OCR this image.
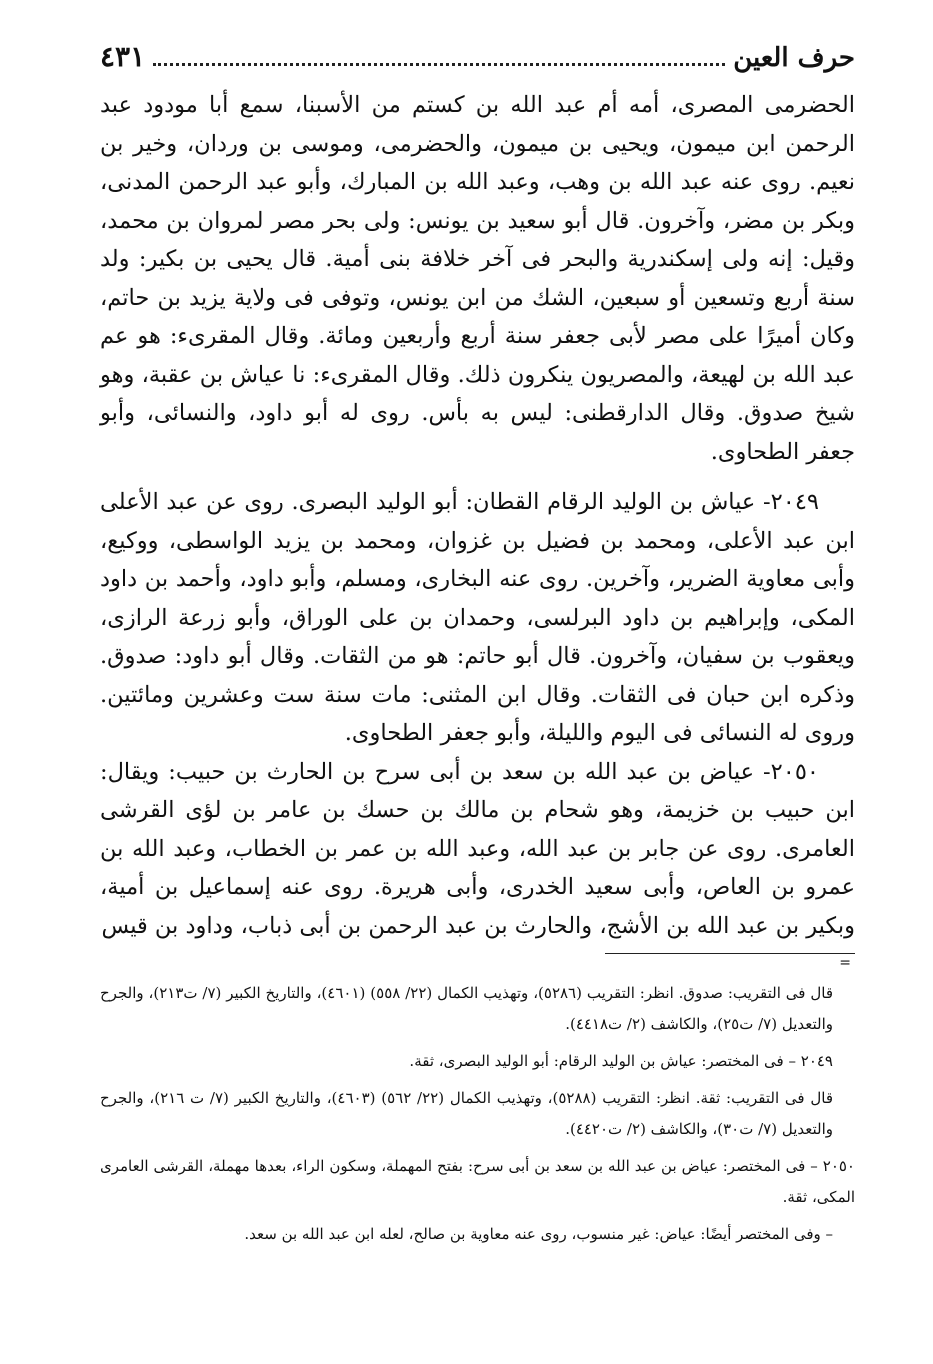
حرف العين
٤٣١

الحضرمى المصرى، أمه أم عبد الله بن كستم من الأسبنا، سمع أبا مودود عبد الرحمن ابن ميمون، ويحيى بن ميمون، والحضرمى، وموسى بن وردان، وخير بن نعيم. روى عنه عبد الله بن وهب، وعبد الله بن المبارك، وأبو عبد الرحمن المدنى، وبكر بن مضر، وآخرون. قال أبو سعيد بن يونس: ولى بحر مصر لمروان بن محمد، وقيل: إنه ولى إسكندرية والبحر فى آخر خلافة بنى أمية. قال يحيى بن بكير: ولد سنة أربع وتسعين أو سبعين، الشك من ابن يونس، وتوفى فى ولاية يزيد بن حاتم، وكان أميرًا على مصر لأبى جعفر سنة أربع وأربعين ومائة. وقال المقرىء: هو عم عبد الله بن لهيعة، والمصريون ينكرون ذلك. وقال المقرىء: نا عياش بن عقبة، وهو شيخ صدوق. وقال الدارقطنى: ليس به بأس. روى له أبو داود، والنسائى، وأبو جعفر الطحاوى.

٢٠٤٩- عياش بن الوليد الرقام القطان: أبو الوليد البصرى. روى عن عبد الأعلى ابن عبد الأعلى، ومحمد بن فضيل بن غزوان، ومحمد بن يزيد الواسطى، ووكيع، وأبى معاوية الضرير، وآخرين. روى عنه البخارى، ومسلم، وأبو داود، وأحمد بن داود المكى، وإبراهيم بن داود البرلسى، وحمدان بن على الوراق، وأبو زرعة الرازى، ويعقوب بن سفيان، وآخرون. قال أبو حاتم: هو من الثقات. وقال أبو داود: صدوق. وذكره ابن حبان فى الثقات. وقال ابن المثنى: مات سنة ست وعشرين ومائتين. وروى له النسائى فى اليوم والليلة، وأبو جعفر الطحاوى.

٢٠٥٠- عياض بن عبد الله بن سعد بن أبى سرح بن الحارث بن حبيب: ويقال: ابن حبيب بن خزيمة، وهو شحام بن مالك بن حسك بن عامر بن لؤى القرشى العامرى. روى عن جابر بن عبد الله، وعبد الله بن عمر بن الخطاب، وعبد الله بن عمرو بن العاص، وأبى سعيد الخدرى، وأبى هريرة. روى عنه إسماعيل بن أمية، وبكير بن عبد الله بن الأشج، والحارث بن عبد الرحمن بن أبى ذباب، وداود بن قيس

=

قال فى التقريب: صدوق. انظر: التقريب (٥٢٨٦)، وتهذيب الكمال (٢٢/ ٥٥٨) (٤٦٠١)، والتاريخ الكبير (٧/ ت٢١٣)، والجرح والتعديل (٧/ ت٢٥)، والكاشف (٢/ ت٤٤١٨).

٢٠٤٩ – فى المختصر: عياش بن الوليد الرقام: أبو الوليد البصرى، ثقة.

قال فى التقريب: ثقة. انظر: التقريب (٥٢٨٨)، وتهذيب الكمال (٢٢/ ٥٦٢) (٤٦٠٣)، والتاريخ الكبير (٧/ ت ٢١٦)، والجرح والتعديل (٧/ ت٣٠)، والكاشف (٢/ ت٤٤٢٠).

٢٠٥٠ – فى المختصر: عياض بن عبد الله بن سعد بن أبى سرح: بفتح المهملة، وسكون الراء، بعدها مهملة، القرشى العامرى المكى، ثقة.

– وفى المختصر أيضًا: عياض: غير منسوب، روى عنه معاوية بن صالح، لعله ابن عبد الله بن سعد.
